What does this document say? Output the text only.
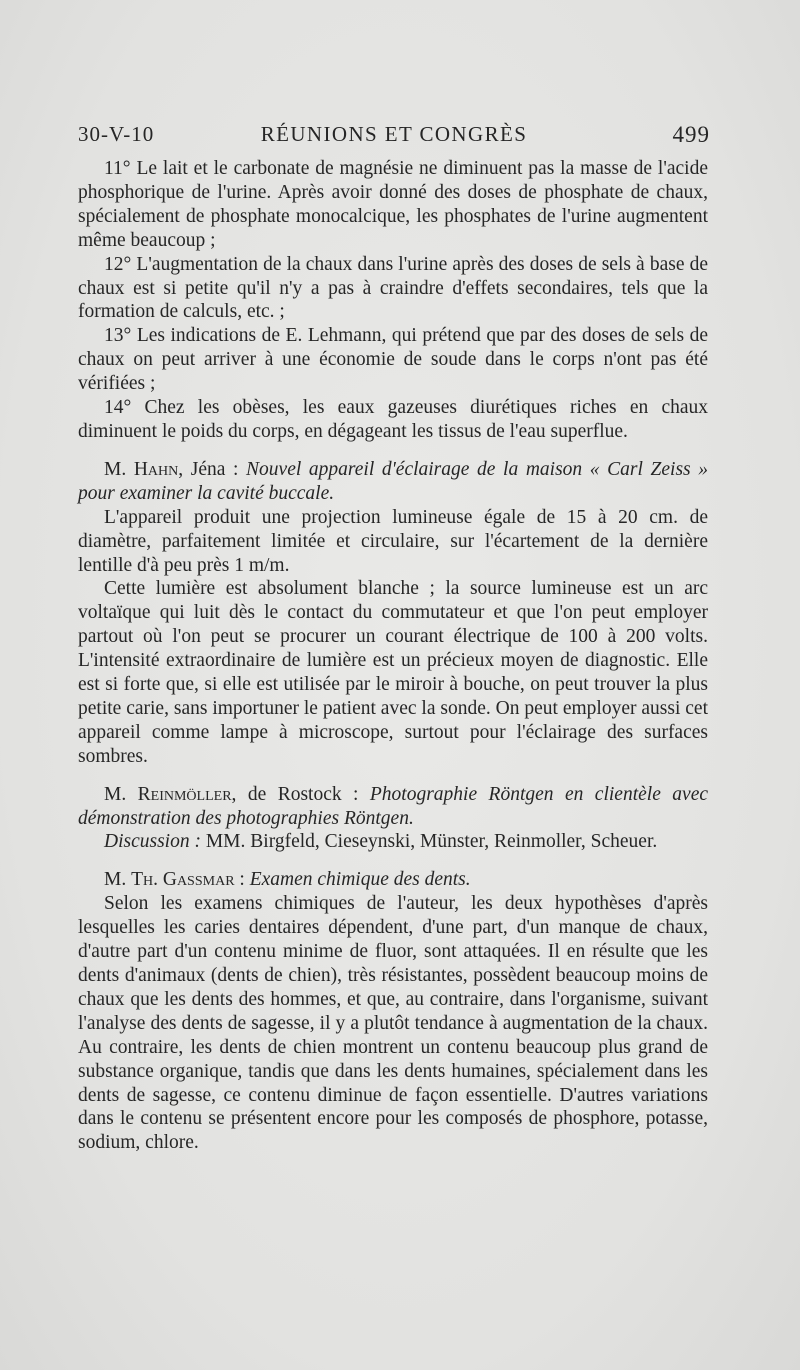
30-V-10	RÉUNIONS ET CONGRÈS	499

11° Le lait et le carbonate de magnésie ne diminuent pas la masse de l'acide phosphorique de l'urine. Après avoir donné des doses de phosphate de chaux, spécialement de phosphate monocalcique, les phosphates de l'urine augmentent même beaucoup ;

12° L'augmentation de la chaux dans l'urine après des doses de sels à base de chaux est si petite qu'il n'y a pas à craindre d'effets secondaires, tels que la formation de calculs, etc. ;

13° Les indications de E. Lehmann, qui prétend que par des doses de sels de chaux on peut arriver à une économie de soude dans le corps n'ont pas été vérifiées ;

14° Chez les obèses, les eaux gazeuses diurétiques riches en chaux diminuent le poids du corps, en dégageant les tissus de l'eau superflue.

M. Hahn, Jéna : Nouvel appareil d'éclairage de la maison « Carl Zeiss » pour examiner la cavité buccale.

L'appareil produit une projection lumineuse égale de 15 à 20 cm. de diamètre, parfaitement limitée et circulaire, sur l'écartement de la dernière lentille d'à peu près 1 m/m.

Cette lumière est absolument blanche ; la source lumineuse est un arc voltaïque qui luit dès le contact du commutateur et que l'on peut employer partout où l'on peut se procurer un courant électrique de 100 à 200 volts. L'intensité extraordinaire de lumière est un précieux moyen de diagnostic. Elle est si forte que, si elle est utilisée par le miroir à bouche, on peut trouver la plus petite carie, sans importuner le patient avec la sonde. On peut employer aussi cet appareil comme lampe à microscope, surtout pour l'éclairage des surfaces sombres.

M. Reinmöller, de Rostock : Photographie Röntgen en clientèle avec démonstration des photographies Röntgen.

Discussion : MM. Birgfeld, Cieseynski, Münster, Reinmoller, Scheuer.

M. Th. Gassmar : Examen chimique des dents.

Selon les examens chimiques de l'auteur, les deux hypothèses d'après lesquelles les caries dentaires dépendent, d'une part, d'un manque de chaux, d'autre part d'un contenu minime de fluor, sont attaquées. Il en résulte que les dents d'animaux (dents de chien), très résistantes, possèdent beaucoup moins de chaux que les dents des hommes, et que, au contraire, dans l'organisme, suivant l'analyse des dents de sagesse, il y a plutôt tendance à augmentation de la chaux. Au contraire, les dents de chien montrent un contenu beaucoup plus grand de substance organique, tandis que dans les dents humaines, spécialement dans les dents de sagesse, ce contenu diminue de façon essentielle. D'autres variations dans le contenu se présentent encore pour les composés de phosphore, potasse, sodium, chlore.
